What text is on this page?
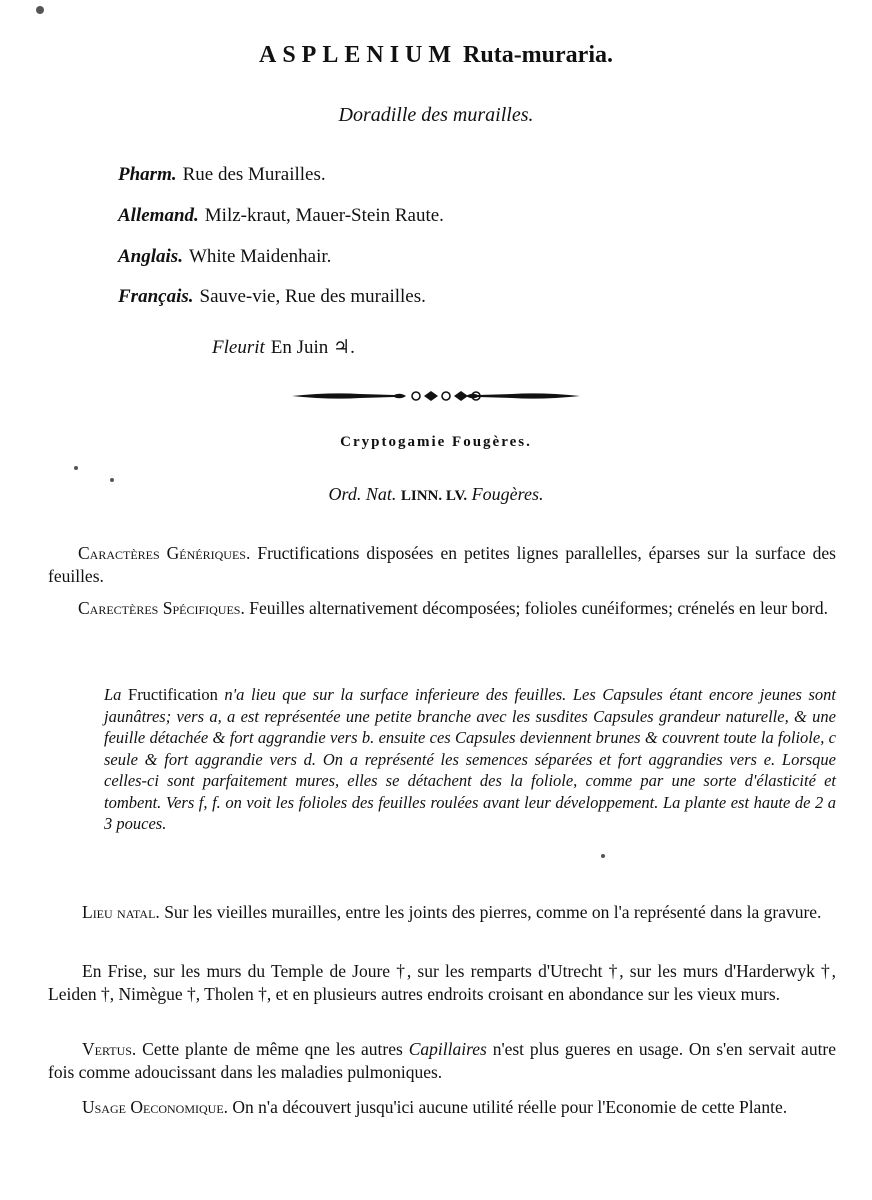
ASPLENIUM Ruta-muraria.
Doradille des murailles.
Pharm. Rue des Murailles.
Allemand. Milz-kraut, Mauer-Stein Raute.
Anglais. White Maidenhair.
Français. Sauve-vie, Rue des murailles.
Fleurit En Juin ♃.
Cryptogamie Fougères.
Ord. Nat. LINN. LV. Fougères.
Caractères Génériques. Fructifications disposées en petites lignes parallelles, éparses sur la surface des feuilles.
Carectères Spécifiques. Feuilles alternativement décomposées; folioles cunéiformes; crénelés en leur bord.
La Fructification n'a lieu que sur la surface inferieure des feuilles. Les Capsules étant encore jeunes sont jaunâtres; vers a, a est représentée une petite branche avec les susdites Capsules grandeur naturelle, & une feuille détachée & fort aggrandie vers b. ensuite ces Capsules deviennent brunes & couvrent toute la foliole, c seule & fort aggrandie vers d. On a représenté les semences séparées et fort aggrandies vers e. Lorsque celles-ci sont parfaitement mures, elles se détachent des la foliole, comme par une sorte d'élasticité et tombent. Vers f, f. on voit les folioles des feuilles roulées avant leur développement. La plante est haute de 2 a 3 pouces.
Lieu natal. Sur les vieilles murailles, entre les joints des pierres, comme on l'a représenté dans la gravure.
En Frise, sur les murs du Temple de Joure †, sur les remparts d'Utrecht †, sur les murs d'Harderwyk †, Leiden †, Nimègue †, Tholen †, et en plusieurs autres endroits croisant en abondance sur les vieux murs.
Vertus. Cette plante de même qne les autres Capillaires n'est plus gueres en usage. On s'en servait autre fois comme adoucissant dans les maladies pulmoniques.
Usage Oeconomique. On n'a découvert jusqu'ici aucune utilité réelle pour l'Economie de cette Plante.
